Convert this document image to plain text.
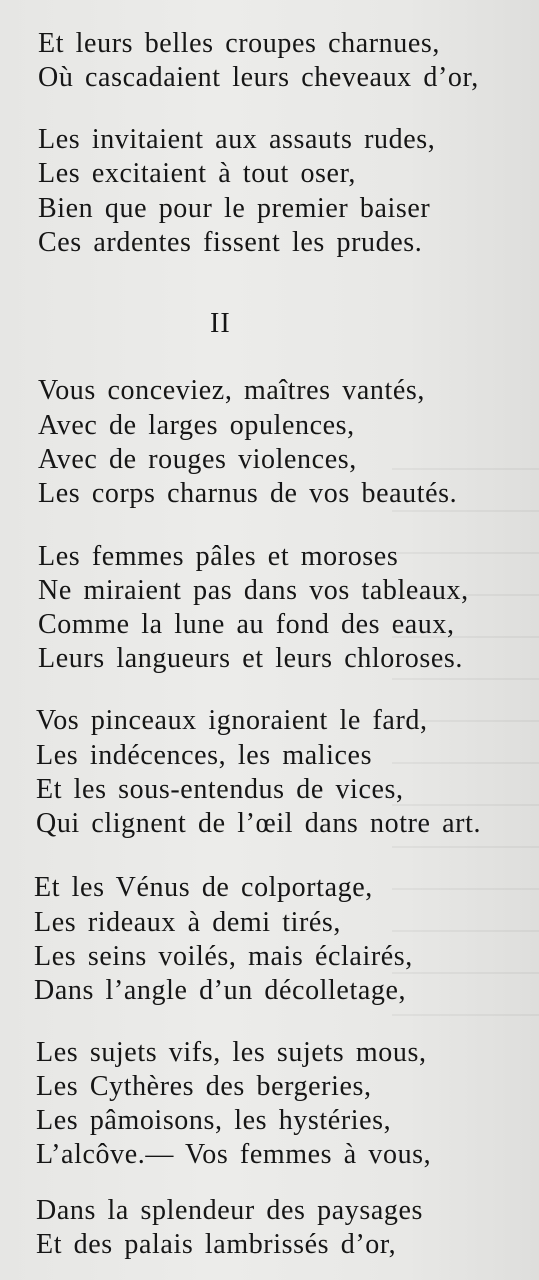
Et leurs belles croupes charnues,
Où cascadaient leurs cheveaux d’or,
Les invitaient aux assauts rudes,
Les excitaient à tout oser,
Bien que pour le premier baiser
Ces ardentes fissent les prudes.
II
Vous conceviez, maîtres vantés,
Avec de larges opulences,
Avec de rouges violences,
Les corps charnus de vos beautés.
Les femmes pâles et moroses
Ne miraient pas dans vos tableaux,
Comme la lune au fond des eaux,
Leurs langueurs et leurs chloroses.
Vos pinceaux ignoraient le fard,
Les indécences, les malices
Et les sous-entendus de vices,
Qui clignent de l’œil dans notre art.
Et les Vénus de colportage,
Les rideaux à demi tirés,
Les seins voilés, mais éclairés,
Dans l’angle d’un décolletage,
Les sujets vifs, les sujets mous,
Les Cythères des bergeries,
Les pâmoisons, les hystéries,
L’alcôve.— Vos femmes à vous,
Dans la splendeur des paysages
Et des palais lambrissés d’or,
